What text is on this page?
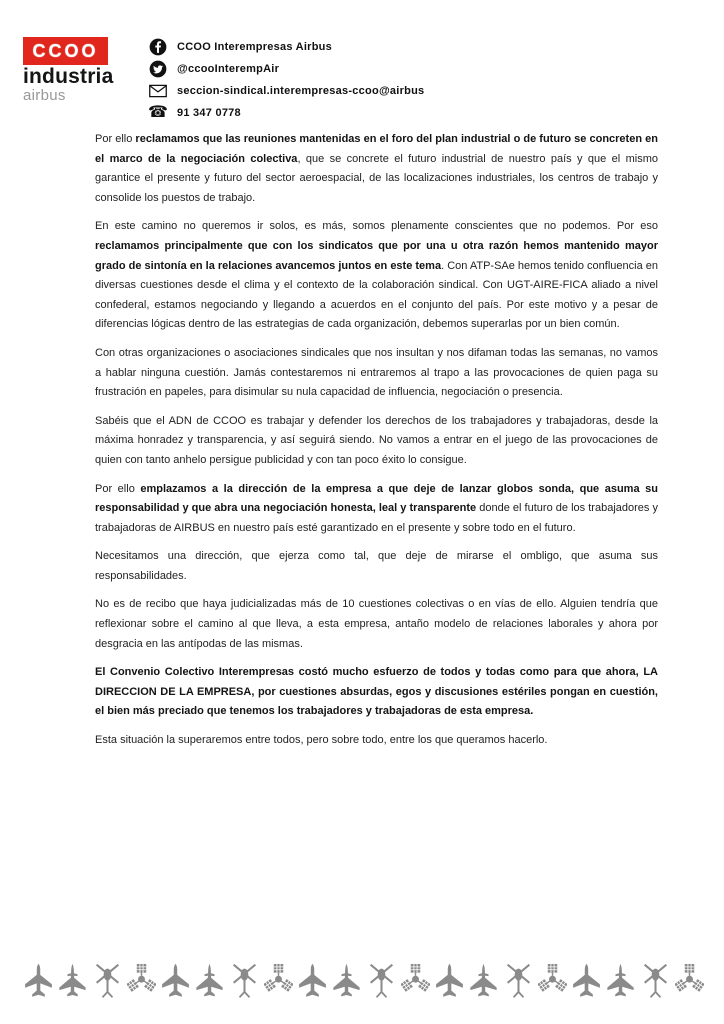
CCOO
industria
airbus
CCOO Interempresas Airbus
@ccooInterempAir
seccion-sindical.interempresas-ccoo@airbus
☎ 91 347 0778

Por ello reclamamos que las reuniones mantenidas en el foro del plan industrial o de futuro se concreten en el marco de la negociación colectiva, que se concrete el futuro industrial de nuestro país y que el mismo garantice el presente y futuro del sector aeroespacial, de las localizaciones industriales, los centros de trabajo y consolide los puestos de trabajo.

En este camino no queremos ir solos, es más, somos plenamente conscientes que no podemos. Por eso reclamamos principalmente que con los sindicatos que por una u otra razón hemos mantenido mayor grado de sintonía en la relaciones avancemos juntos en este tema. Con ATP-SAe hemos tenido confluencia en diversas cuestiones desde el clima y el contexto de la colaboración sindical. Con UGT-AIRE-FICA aliado a nivel confederal, estamos negociando y llegando a acuerdos en el conjunto del país. Por este motivo y a pesar de diferencias lógicas dentro de las estrategias de cada organización, debemos superarlas por un bien común.

Con otras organizaciones o asociaciones sindicales que nos insultan y nos difaman todas las semanas, no vamos a hablar ninguna cuestión. Jamás contestaremos ni entraremos al trapo a las provocaciones de quien paga su frustración en papeles, para disimular su nula capacidad de influencia, negociación o presencia.

Sabéis que el ADN de CCOO es trabajar y defender los derechos de los trabajadores y trabajadoras, desde la máxima honradez y transparencia, y así seguirá siendo. No vamos a entrar en el juego de las provocaciones de quien con tanto anhelo persigue publicidad y con tan poco éxito lo consigue.

Por ello emplazamos a la dirección de la empresa a que deje de lanzar globos sonda, que asuma su responsabilidad y que abra una negociación honesta, leal y transparente donde el futuro de los trabajadores y trabajadoras de AIRBUS en nuestro país esté garantizado en el presente y sobre todo en el futuro.

Necesitamos una dirección, que ejerza como tal, que deje de mirarse el ombligo, que asuma sus responsabilidades.

No es de recibo que haya judicializadas más de 10 cuestiones colectivas o en vías de ello. Alguien tendría que reflexionar sobre el camino al que lleva, a esta empresa, antaño modelo de relaciones laborales y ahora por desgracia en las antípodas de las mismas.

El Convenio Colectivo Interempresas costó mucho esfuerzo de todos y todas como para que ahora, LA DIRECCION DE LA EMPRESA, por cuestiones absurdas, egos y discusiones estériles pongan en cuestión, el bien más preciado que tenemos los trabajadores y trabajadoras de esta empresa.

Esta situación la superaremos entre todos, pero sobre todo, entre los que queramos hacerlo.
